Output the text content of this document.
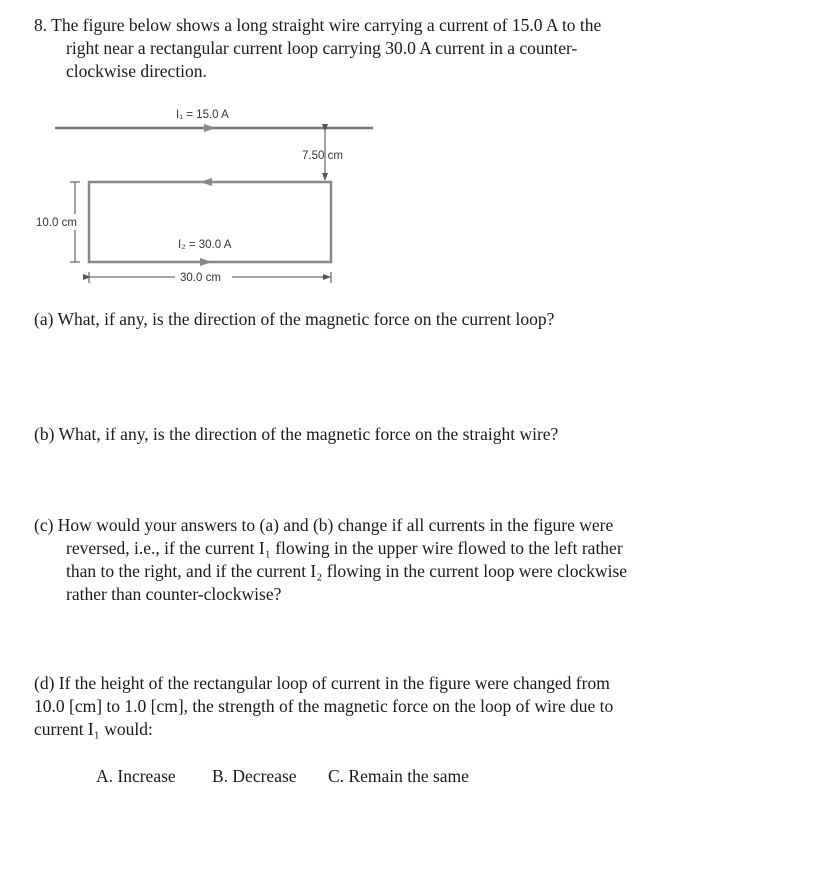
8. The figure below shows a long straight wire carrying a current of 15.0 A to the
right near a rectangular current loop carrying 30.0 A current in a counter-
clockwise direction.
I₁ = 15.0 A
7.50 cm
10.0 cm
I₂ = 30.0 A
30.0 cm
(a) What, if any, is the direction of the magnetic force on the current loop?
(b) What, if any, is the direction of the magnetic force on the straight wire?
(c) How would your answers to (a) and (b) change if all currents in the figure were
reversed, i.e., if the current I₁ flowing in the upper wire flowed to the left rather
than to the right, and if the current I₂ flowing in the current loop were clockwise
rather than counter-clockwise?
(d) If the height of the rectangular loop of current in the figure were changed from
10.0 [cm] to 1.0 [cm], the strength of the magnetic force on the loop of wire due to
current I₁ would:
A. Increase B. Decrease C. Remain the same
